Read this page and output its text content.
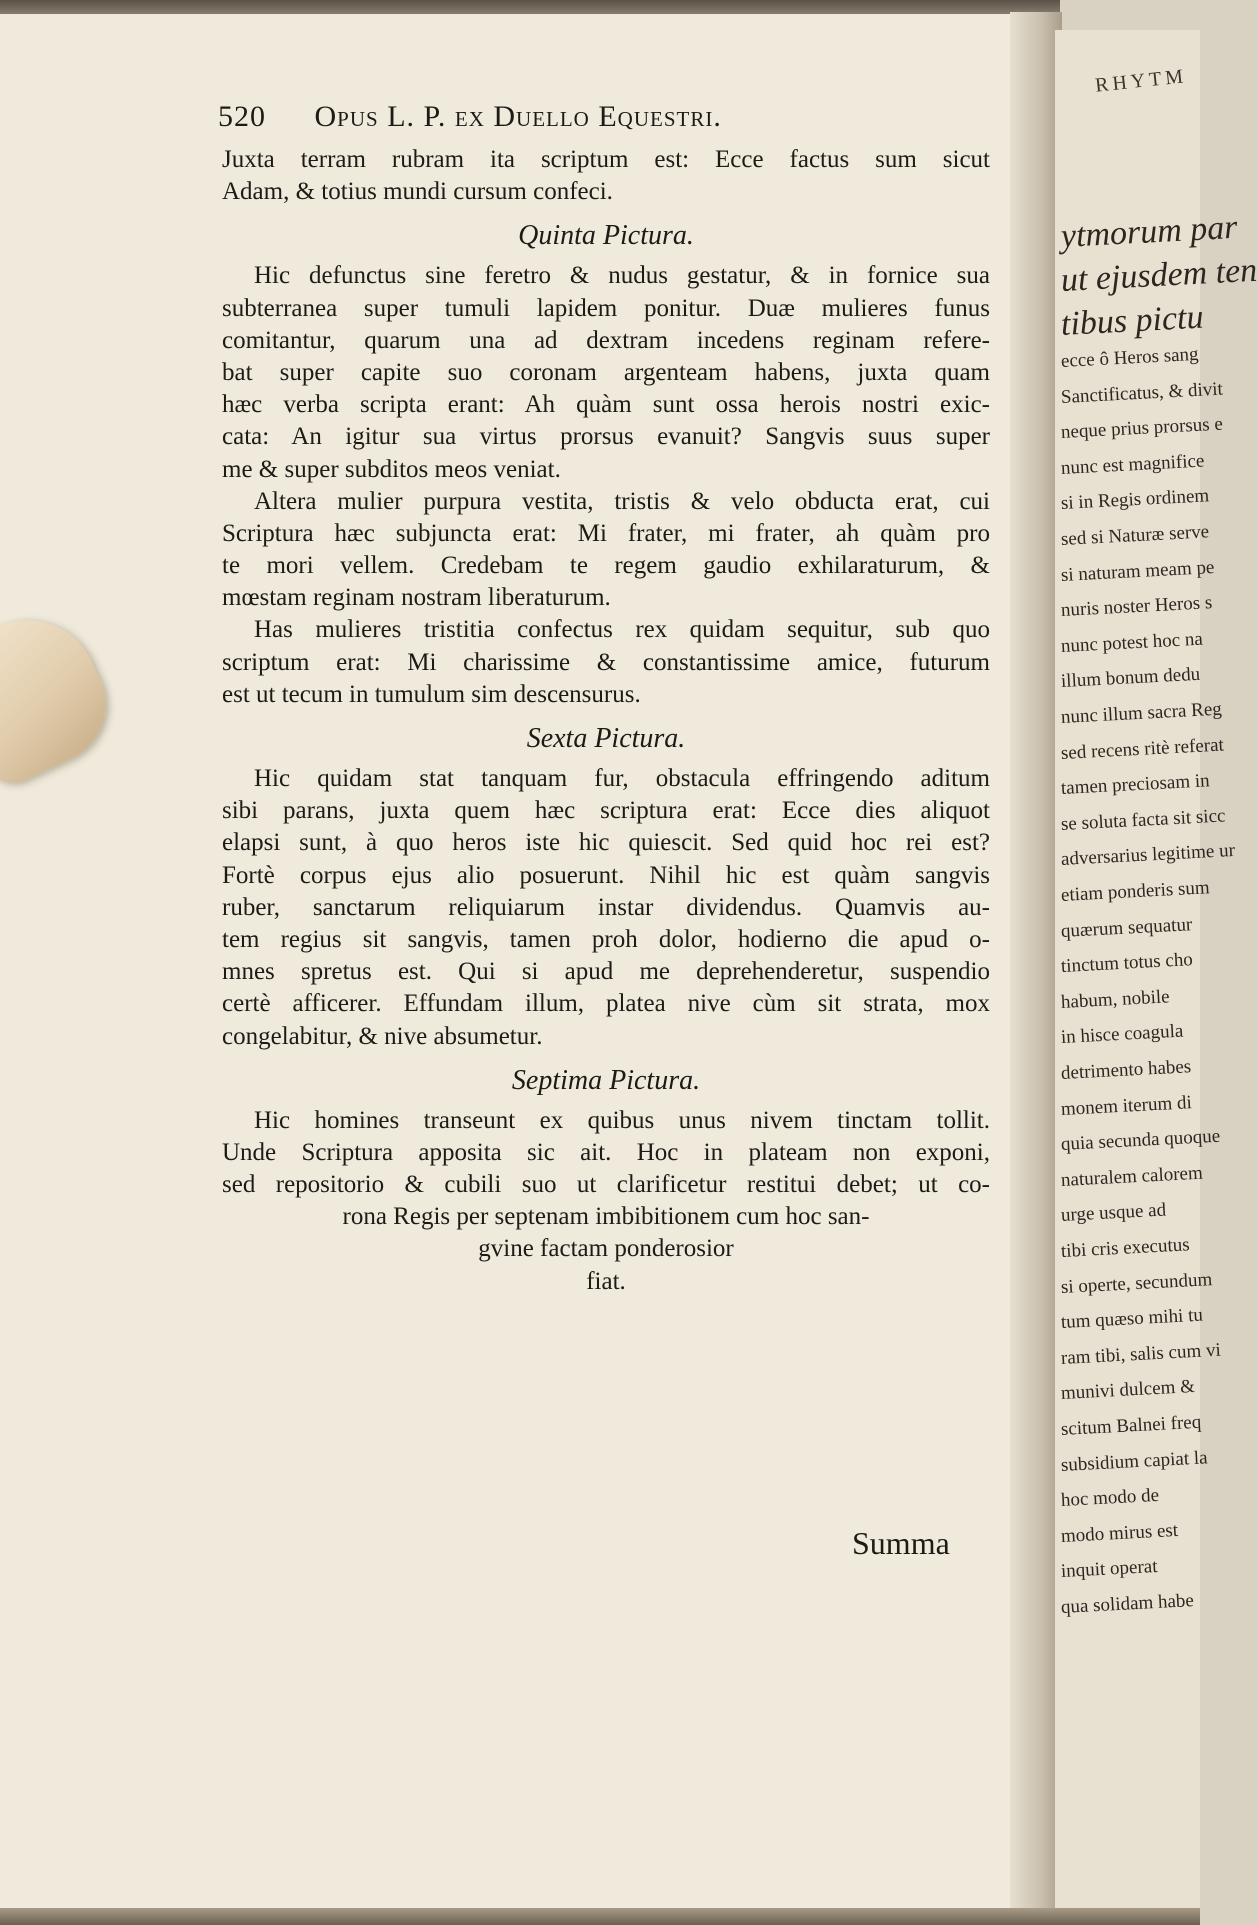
RHYTM
ytmorum par
ut ejusdem ten
tibus pictu
ecce ô Heros sang
Sanctificatus, & divit
neque prius prorsus e
nunc est magnifice
si in Regis ordinem
sed si Naturæ serve
si naturam meam pe
nuris noster Heros s
nunc potest hoc na
illum bonum dedu
nunc illum sacra Reg
sed recens ritè referat
tamen preciosam in
se soluta facta sit sicc
adversarius legitime ur
etiam ponderis sum
quærum sequatur
tinctum totus cho
habum, nobile
in hisce coagula
detrimento habes
monem iterum di
quia secunda quoque
naturalem calorem
urge usque ad
tibi cris executus
si operte, secundum
tum quæso mihi tu
ram tibi, salis cum vi
munivi dulcem &
scitum Balnei freq
subsidium capiat la
hoc modo de
modo mirus est
inquit operat
qua solidam habe
520 Opus L. P. ex Duello Equestri.
Juxta terram rubram ita scriptum est: Ecce factus sum sicut
Adam, & totius mundi cursum confeci.
Quinta Pictura.
Hic defunctus sine feretro & nudus gestatur, & in fornice sua
subterranea super tumuli lapidem ponitur. Duæ mulieres funus
comitantur, quarum una ad dextram incedens reginam refere-
bat super capite suo coronam argenteam habens, juxta quam
hæc verba scripta erant: Ah quàm sunt ossa herois nostri exic-
cata: An igitur sua virtus prorsus evanuit? Sangvis suus super
me & super subditos meos veniat.
Altera mulier purpura vestita, tristis & velo obducta erat, cui
Scriptura hæc subjuncta erat: Mi frater, mi frater, ah quàm pro
te mori vellem. Credebam te regem gaudio exhilaraturum, &
mœstam reginam nostram liberaturum.
Has mulieres tristitia confectus rex quidam sequitur, sub quo
scriptum erat: Mi charissime & constantissime amice, futurum
est ut tecum in tumulum sim descensurus.
Sexta Pictura.
Hic quidam stat tanquam fur, obstacula effringendo aditum
sibi parans, juxta quem hæc scriptura erat: Ecce dies aliquot
elapsi sunt, à quo heros iste hic quiescit. Sed quid hoc rei est?
Fortè corpus ejus alio posuerunt. Nihil hic est quàm sangvis
ruber, sanctarum reliquiarum instar dividendus. Quamvis au-
tem regius sit sangvis, tamen proh dolor, hodierno die apud o-
mnes spretus est. Qui si apud me deprehenderetur, suspendio
certè afficerer. Effundam illum, platea nive cùm sit strata, mox
congelabitur, & nive absumetur.
Septima Pictura.
Hic homines transeunt ex quibus unus nivem tinctam tollit.
Unde Scriptura apposita sic ait. Hoc in plateam non exponi,
sed repositorio & cubili suo ut clarificetur restitui debet; ut co-
rona Regis per septenam imbibitionem cum hoc san-
gvine factam ponderosior
fiat.
Summa
